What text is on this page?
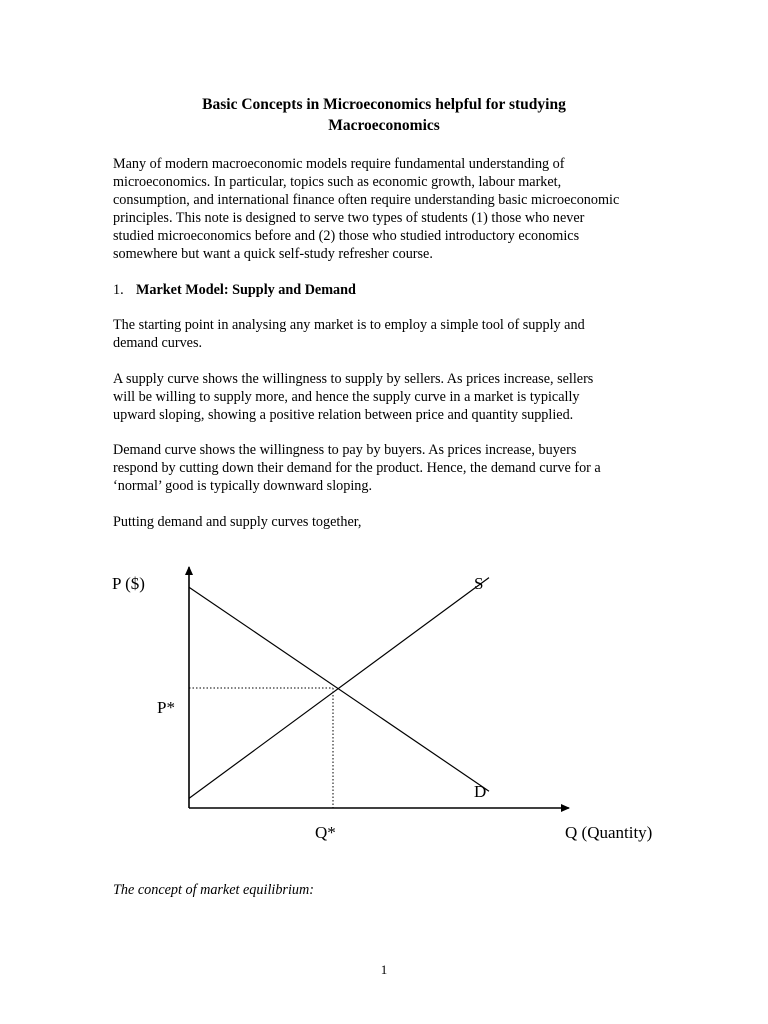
Basic Concepts in Microeconomics helpful for studying
Macroeconomics
Many of modern macroeconomic models require fundamental understanding of
microeconomics. In particular, topics such as economic growth, labour market,
consumption, and international finance often require understanding basic microeconomic
principles. This note is designed to serve two types of students (1) those who never
studied microeconomics before and (2) those who studied introductory economics
somewhere but want a quick self-study refresher course.
1. Market Model: Supply and Demand
The starting point in analysing any market is to employ a simple tool of supply and
demand curves.
A supply curve shows the willingness to supply by sellers. As prices increase, sellers
will be willing to supply more, and hence the supply curve in a market is typically
upward sloping, showing a positive relation between price and quantity supplied.
Demand curve shows the willingness to pay by buyers. As prices increase, buyers
respond by cutting down their demand for the product. Hence, the demand curve for a
‘normal’ good is typically downward sloping.
Putting demand and supply curves together,
P ($)
Q (Quantity)
S
D
P*
Q*
The concept of market equilibrium:
1
